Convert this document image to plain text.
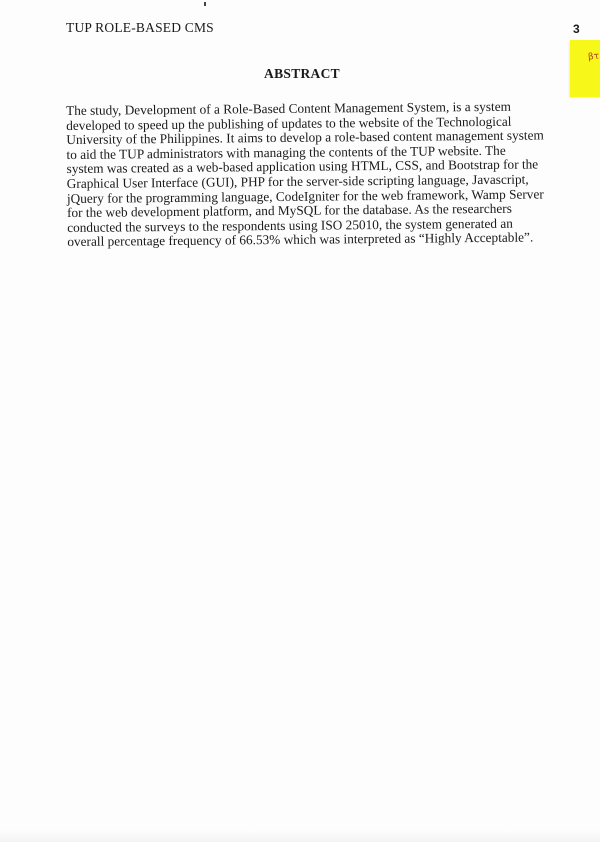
TUP ROLE-BASED CMS	3
βτ
ABSTRACT
The study, Development of a Role-Based Content Management System, is a system
developed to speed up the publishing of updates to the website of the Technological
University of the Philippines. It aims to develop a role-based content management system
to aid the TUP administrators with managing the contents of the TUP website. The
system was created as a web-based application using HTML, CSS, and Bootstrap for the
Graphical User Interface (GUI), PHP for the server-side scripting language, Javascript,
jQuery for the programming language, CodeIgniter for the web framework, Wamp Server
for the web development platform, and MySQL for the database. As the researchers
conducted the surveys to the respondents using ISO 25010, the system generated an
overall percentage frequency of 66.53% which was interpreted as “Highly Acceptable”.
